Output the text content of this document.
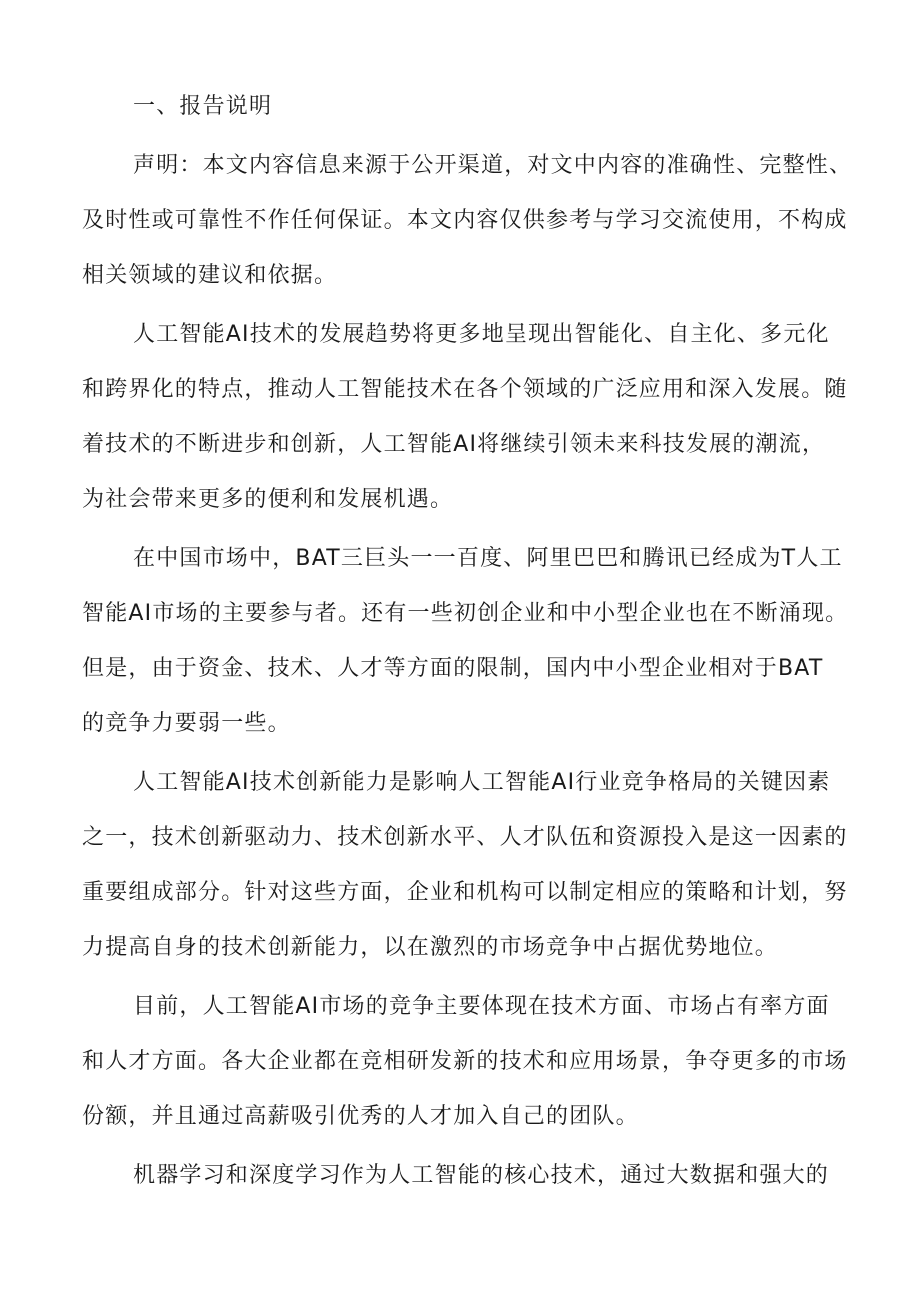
一、报告说明
声明：本文内容信息来源于公开渠道，对文中内容的准确性、完整性、
及时性或可靠性不作任何保证。本文内容仅供参考与学习交流使用，不构成
相关领域的建议和依据。
人工智能AI技术的发展趋势将更多地呈现出智能化、自主化、多元化
和跨界化的特点，推动人工智能技术在各个领域的广泛应用和深入发展。随
着技术的不断进步和创新，人工智能AI将继续引领未来科技发展的潮流，
为社会带来更多的便利和发展机遇。
在中国市场中，BAT三巨头一一百度、阿里巴巴和腾讯已经成为T人工
智能AI市场的主要参与者。还有一些初创企业和中小型企业也在不断涌现。
但是，由于资金、技术、人才等方面的限制，国内中小型企业相对于BAT
的竞争力要弱一些。
人工智能AI技术创新能力是影响人工智能AI行业竞争格局的关键因素
之一，技术创新驱动力、技术创新水平、人才队伍和资源投入是这一因素的
重要组成部分。针对这些方面，企业和机构可以制定相应的策略和计划，努
力提高自身的技术创新能力，以在激烈的市场竞争中占据优势地位。
目前，人工智能AI市场的竞争主要体现在技术方面、市场占有率方面
和人才方面。各大企业都在竞相研发新的技术和应用场景，争夺更多的市场
份额，并且通过高薪吸引优秀的人才加入自己的团队。
机器学习和深度学习作为人工智能的核心技术，通过大数据和强大的
